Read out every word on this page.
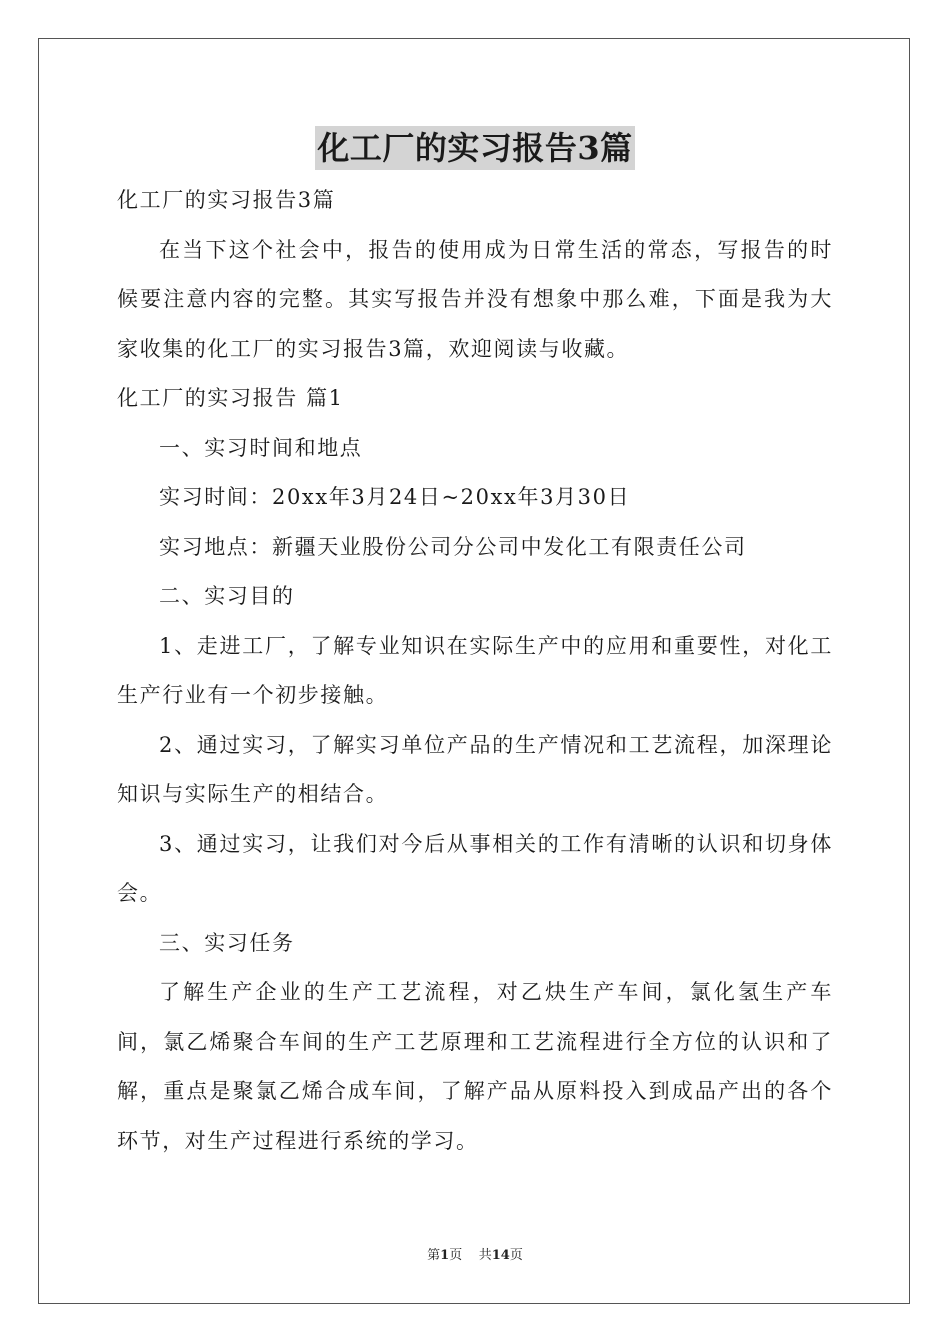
化工厂的实习报告3篇

化工厂的实习报告3篇

在当下这个社会中，报告的使用成为日常生活的常态，写报告的时候要注意内容的完整。其实写报告并没有想象中那么难，下面是我为大家收集的化工厂的实习报告3篇，欢迎阅读与收藏。

化工厂的实习报告 篇1

一、实习时间和地点

实习时间：20xx年3月24日~20xx年3月30日

实习地点：新疆天业股份公司分公司中发化工有限责任公司

二、实习目的

1、走进工厂，了解专业知识在实际生产中的应用和重要性，对化工生产行业有一个初步接触。

2、通过实习，了解实习单位产品的生产情况和工艺流程，加深理论知识与实际生产的相结合。

3、通过实习，让我们对今后从事相关的工作有清晰的认识和切身体会。

三、实习任务

了解生产企业的生产工艺流程，对乙炔生产车间，氯化氢生产车间，氯乙烯聚合车间的生产工艺原理和工艺流程进行全方位的认识和了解，重点是聚氯乙烯合成车间，了解产品从原料投入到成品产出的各个环节，对生产过程进行系统的学习。

第1页 共14页
